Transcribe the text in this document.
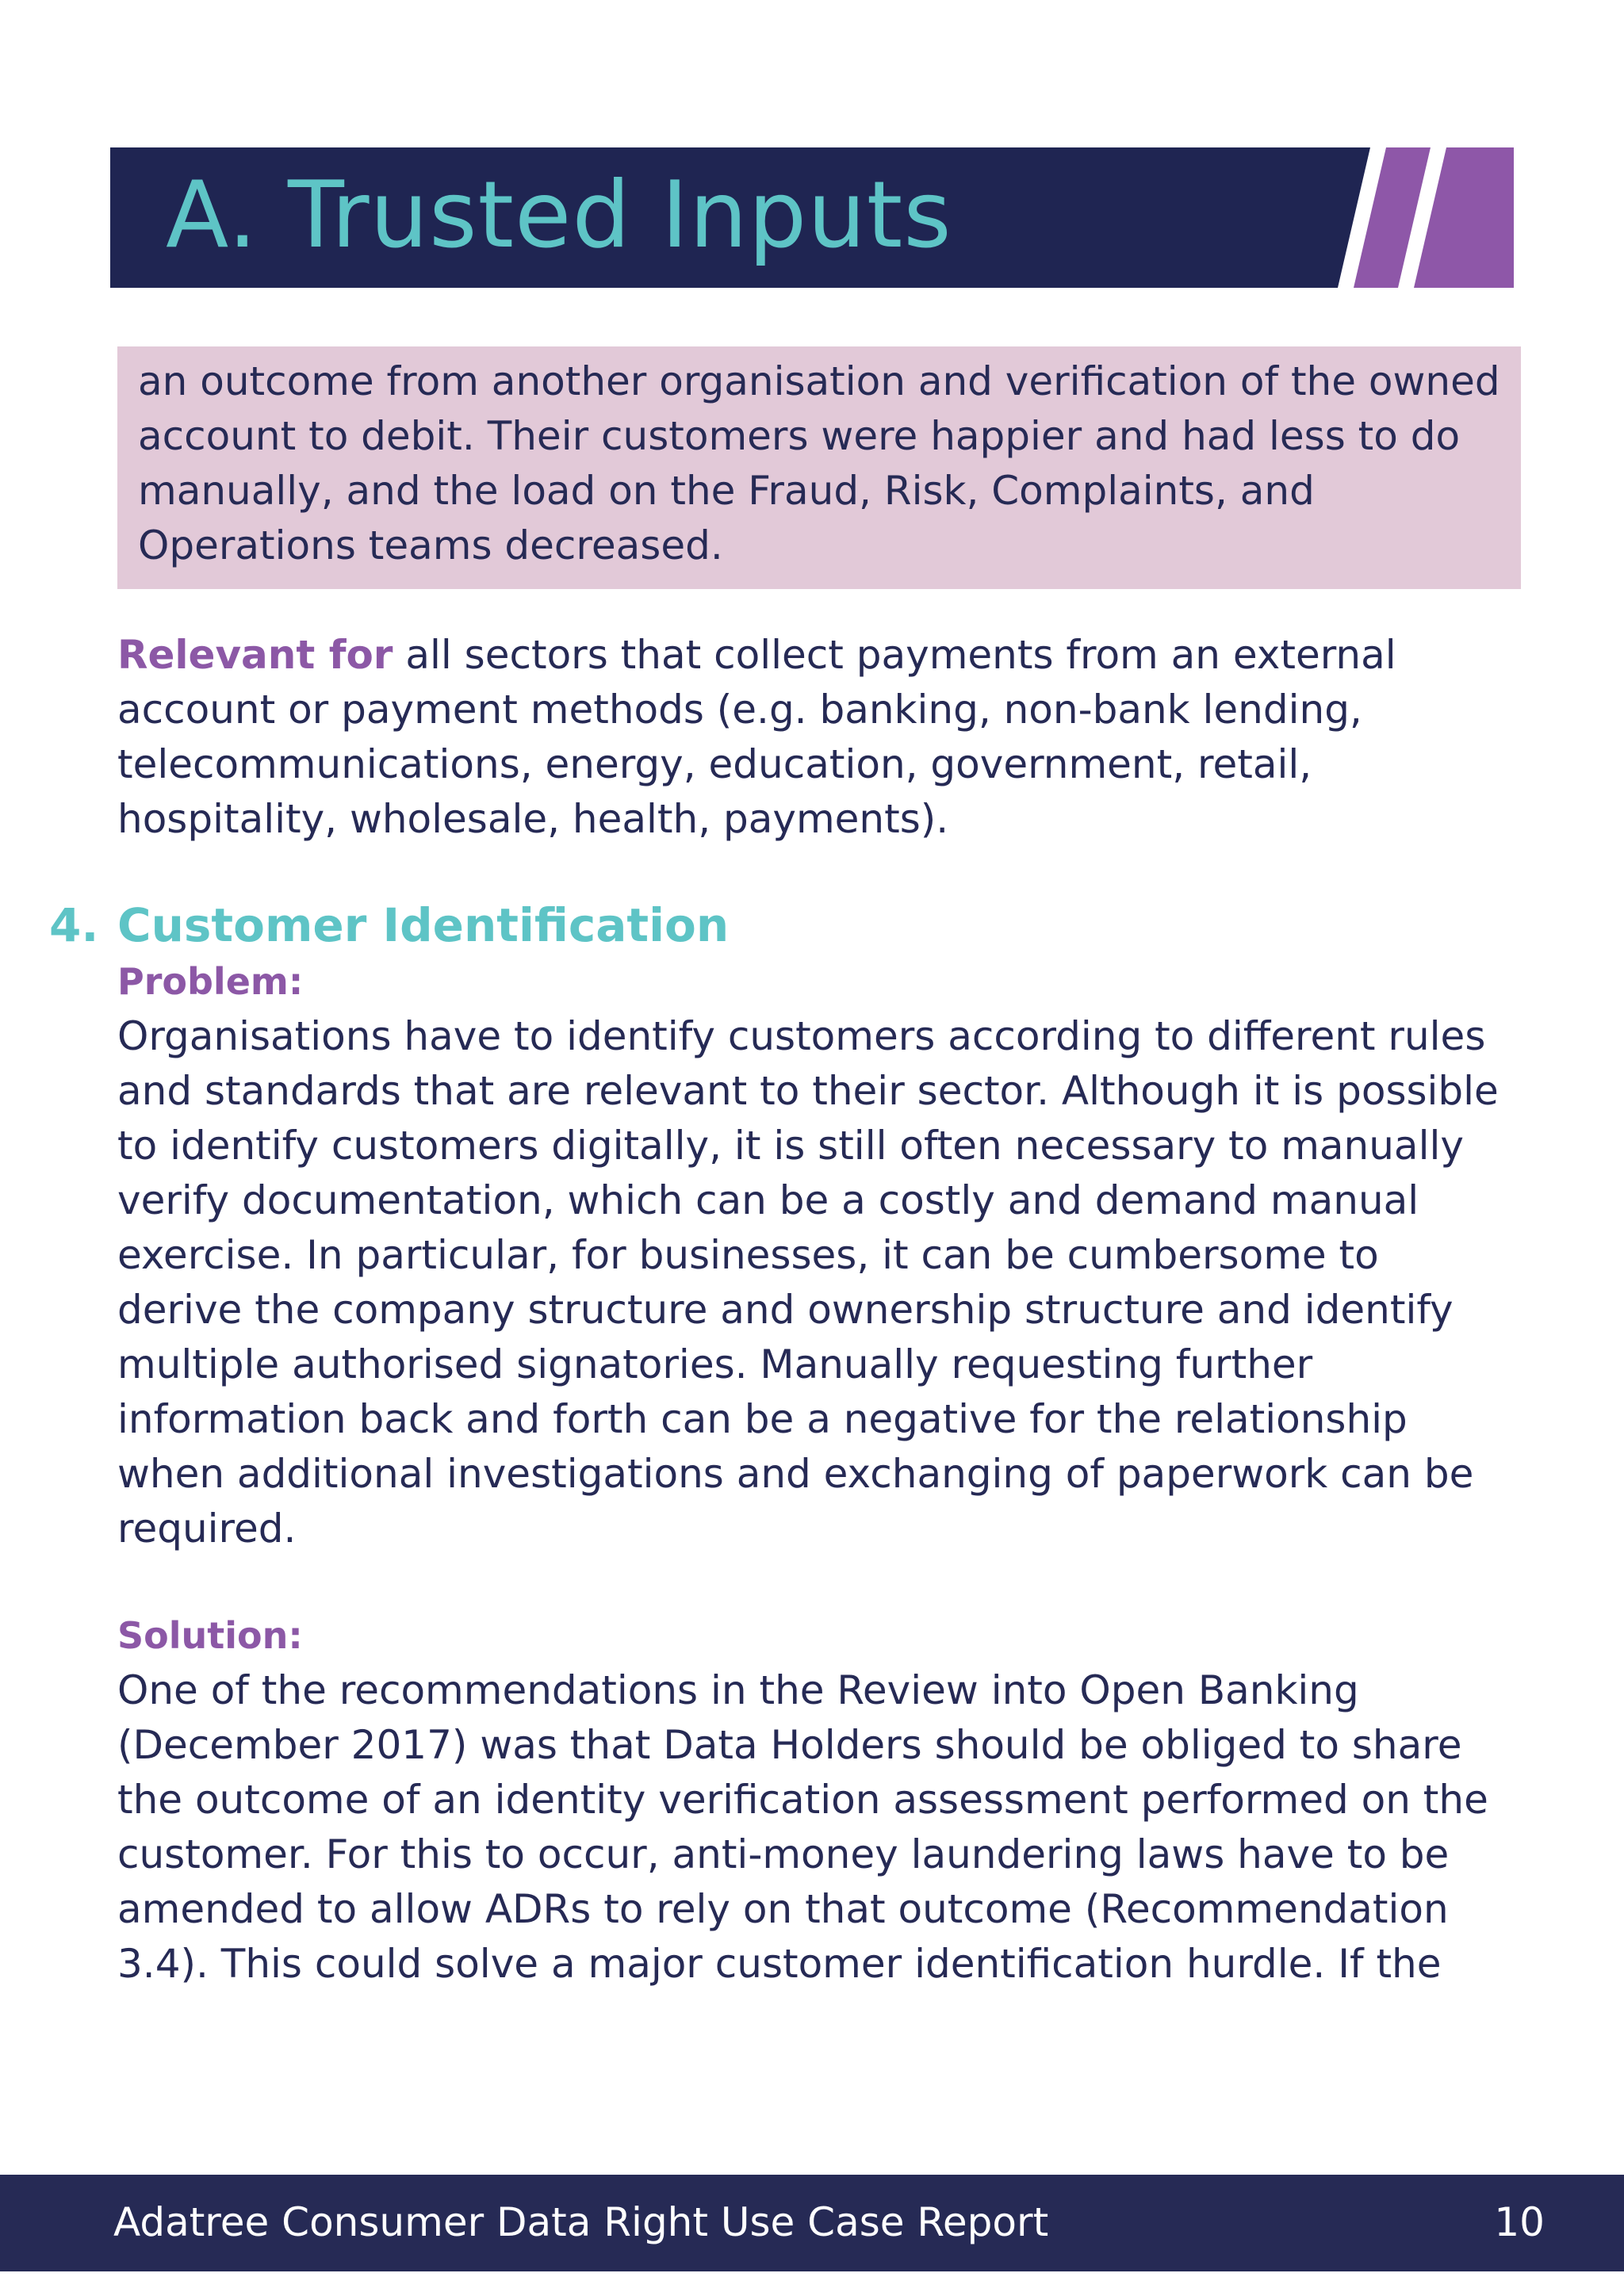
A. Trusted Inputs

an outcome from another organisation and verification of the owned account to debit. Their customers were happier and had less to do manually, and the load on the Fraud, Risk, Complaints, and Operations teams decreased.

Relevant for all sectors that collect payments from an external account or payment methods (e.g. banking, non-bank lending, telecommunications, energy, education, government, retail, hospitality, wholesale, health, payments).

4. Customer Identification

Problem:

Organisations have to identify customers according to different rules and standards that are relevant to their sector. Although it is possible to identify customers digitally, it is still often necessary to manually verify documentation, which can be a costly and demand manual exercise. In particular, for businesses, it can be cumbersome to derive the company structure and ownership structure and identify multiple authorised signatories. Manually requesting further information back and forth can be a negative for the relationship when additional investigations and exchanging of paperwork can be required.

Solution:

One of the recommendations in the Review into Open Banking (December 2017) was that Data Holders should be obliged to share the outcome of an identity verification assessment performed on the customer. For this to occur, anti-money laundering laws have to be amended to allow ADRs to rely on that outcome (Recommendation 3.4). This could solve a major customer identification hurdle. If the

Adatree Consumer Data Right Use Case Report	10
